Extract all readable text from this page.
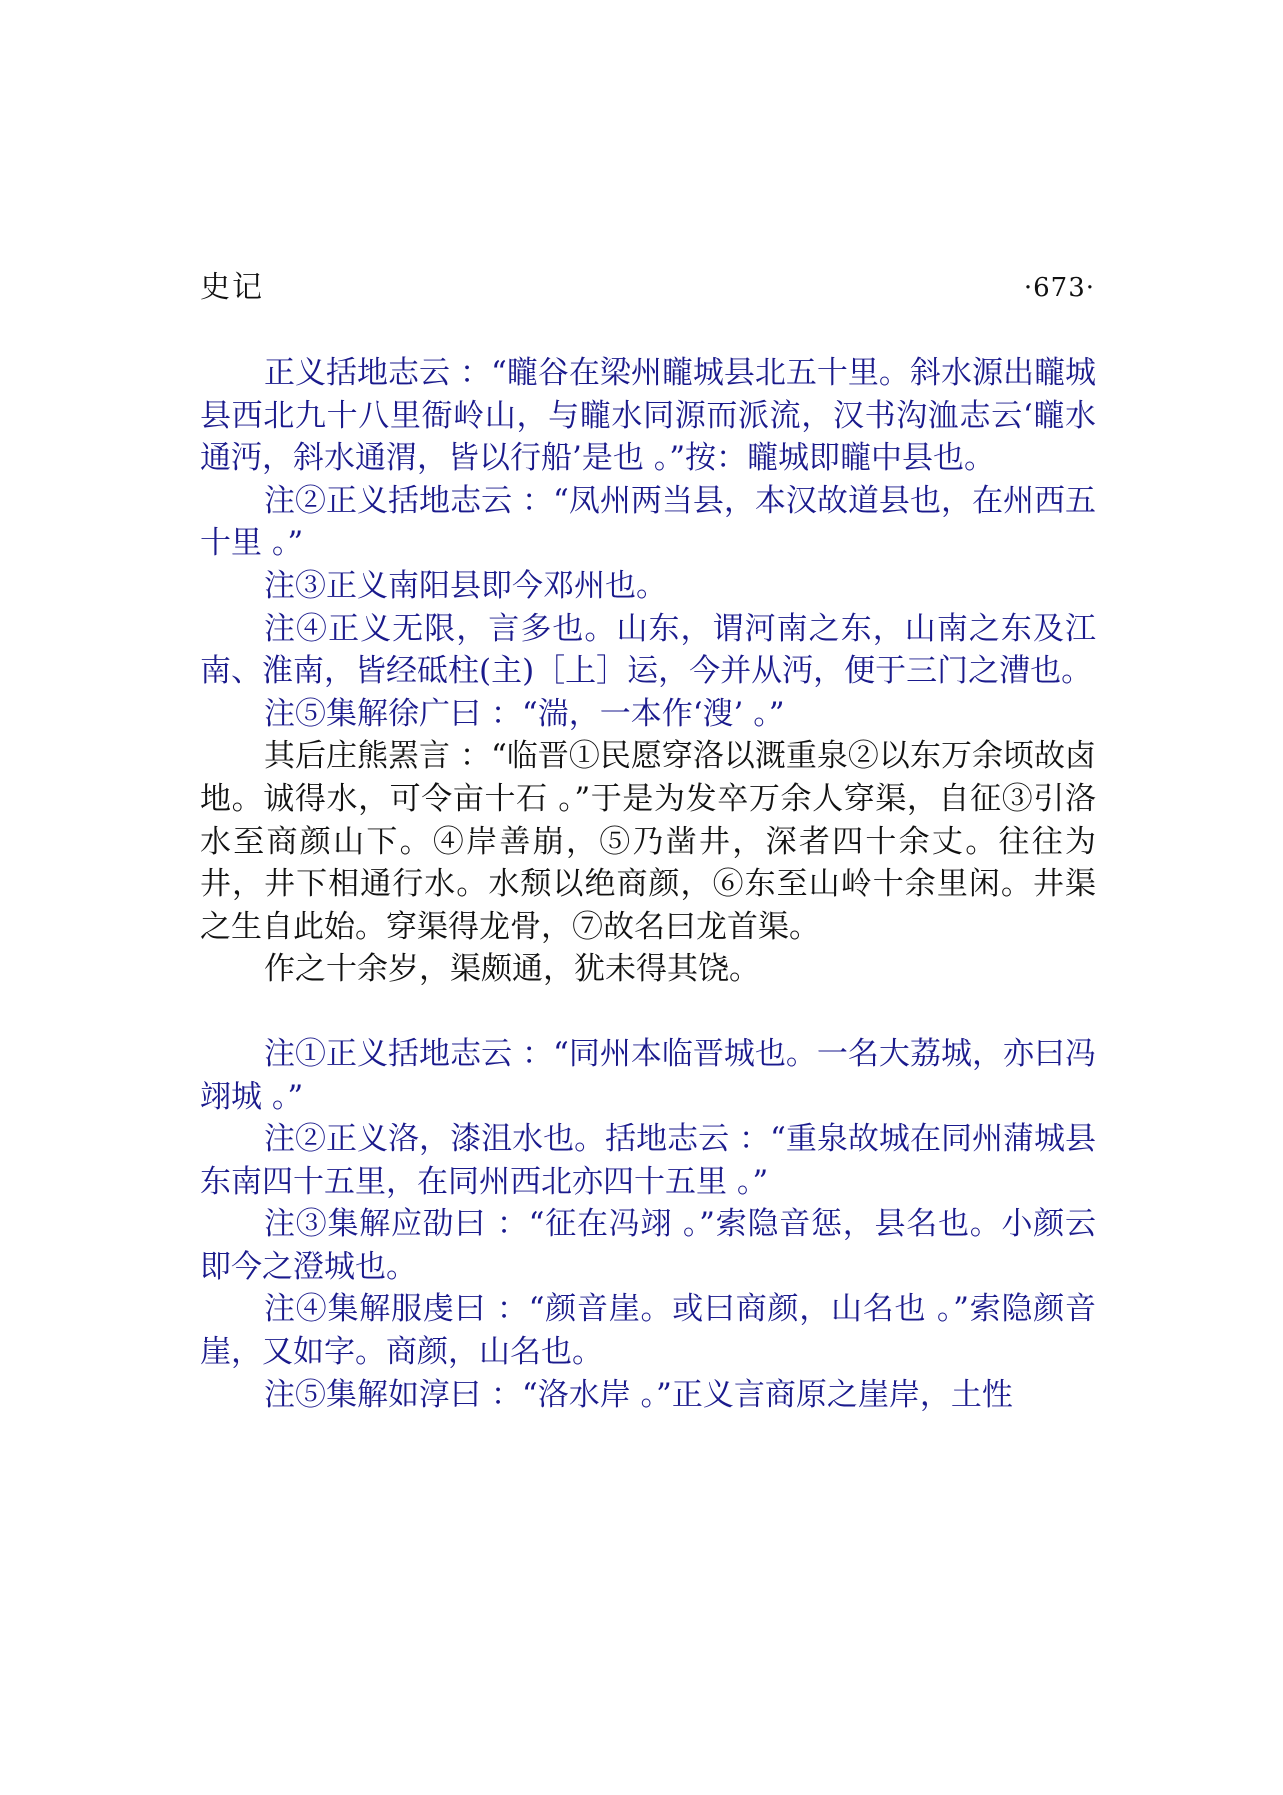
史记	·673·

正义括地志云 ：“矓谷在梁州矓城县北五十里。斜水源出矓城县西北九十八里衙岭山，与矓水同源而派流，汉书沟洫志云‘矓水通沔，斜水通渭，皆以行船’是也 。”按：矓城即矓中县也。

注②正义括地志云 ：“凤州两当县，本汉故道县也，在州西五十里 。”

注③正义南阳县即今邓州也。

注④正义无限，言多也。山东，谓河南之东，山南之东及江南、淮南，皆经砥柱(主)［上］运，今并从沔，便于三门之漕也。

注⑤集解徐广曰 ：“湍，一本作‘溲’ 。”

其后庄熊罴言 ：“临晋①民愿穿洛以溉重泉②以东万余顷故卤地。诚得水，可令亩十石 。”于是为发卒万余人穿渠，自征③引洛水至商颜山下。④岸善崩，⑤乃凿井，深者四十余丈。往往为井，井下相通行水。水颓以绝商颜，⑥东至山岭十余里闲。井渠之生自此始。穿渠得龙骨，⑦故名曰龙首渠。

作之十余岁，渠颇通，犹未得其饶。

注①正义括地志云 ：“同州本临晋城也。一名大荔城，亦曰冯翊城 。”

注②正义洛，漆沮水也。括地志云 ：“重泉故城在同州蒲城县东南四十五里，在同州西北亦四十五里 。”

注③集解应劭曰 ：“征在冯翊 。”索隐音惩，县名也。小颜云即今之澄城也。

注④集解服虔曰 ：“颜音崖。或曰商颜，山名也 。”索隐颜音崖，又如字。商颜，山名也。

注⑤集解如淳曰 ：“洛水岸 。”正义言商原之崖岸，土性
